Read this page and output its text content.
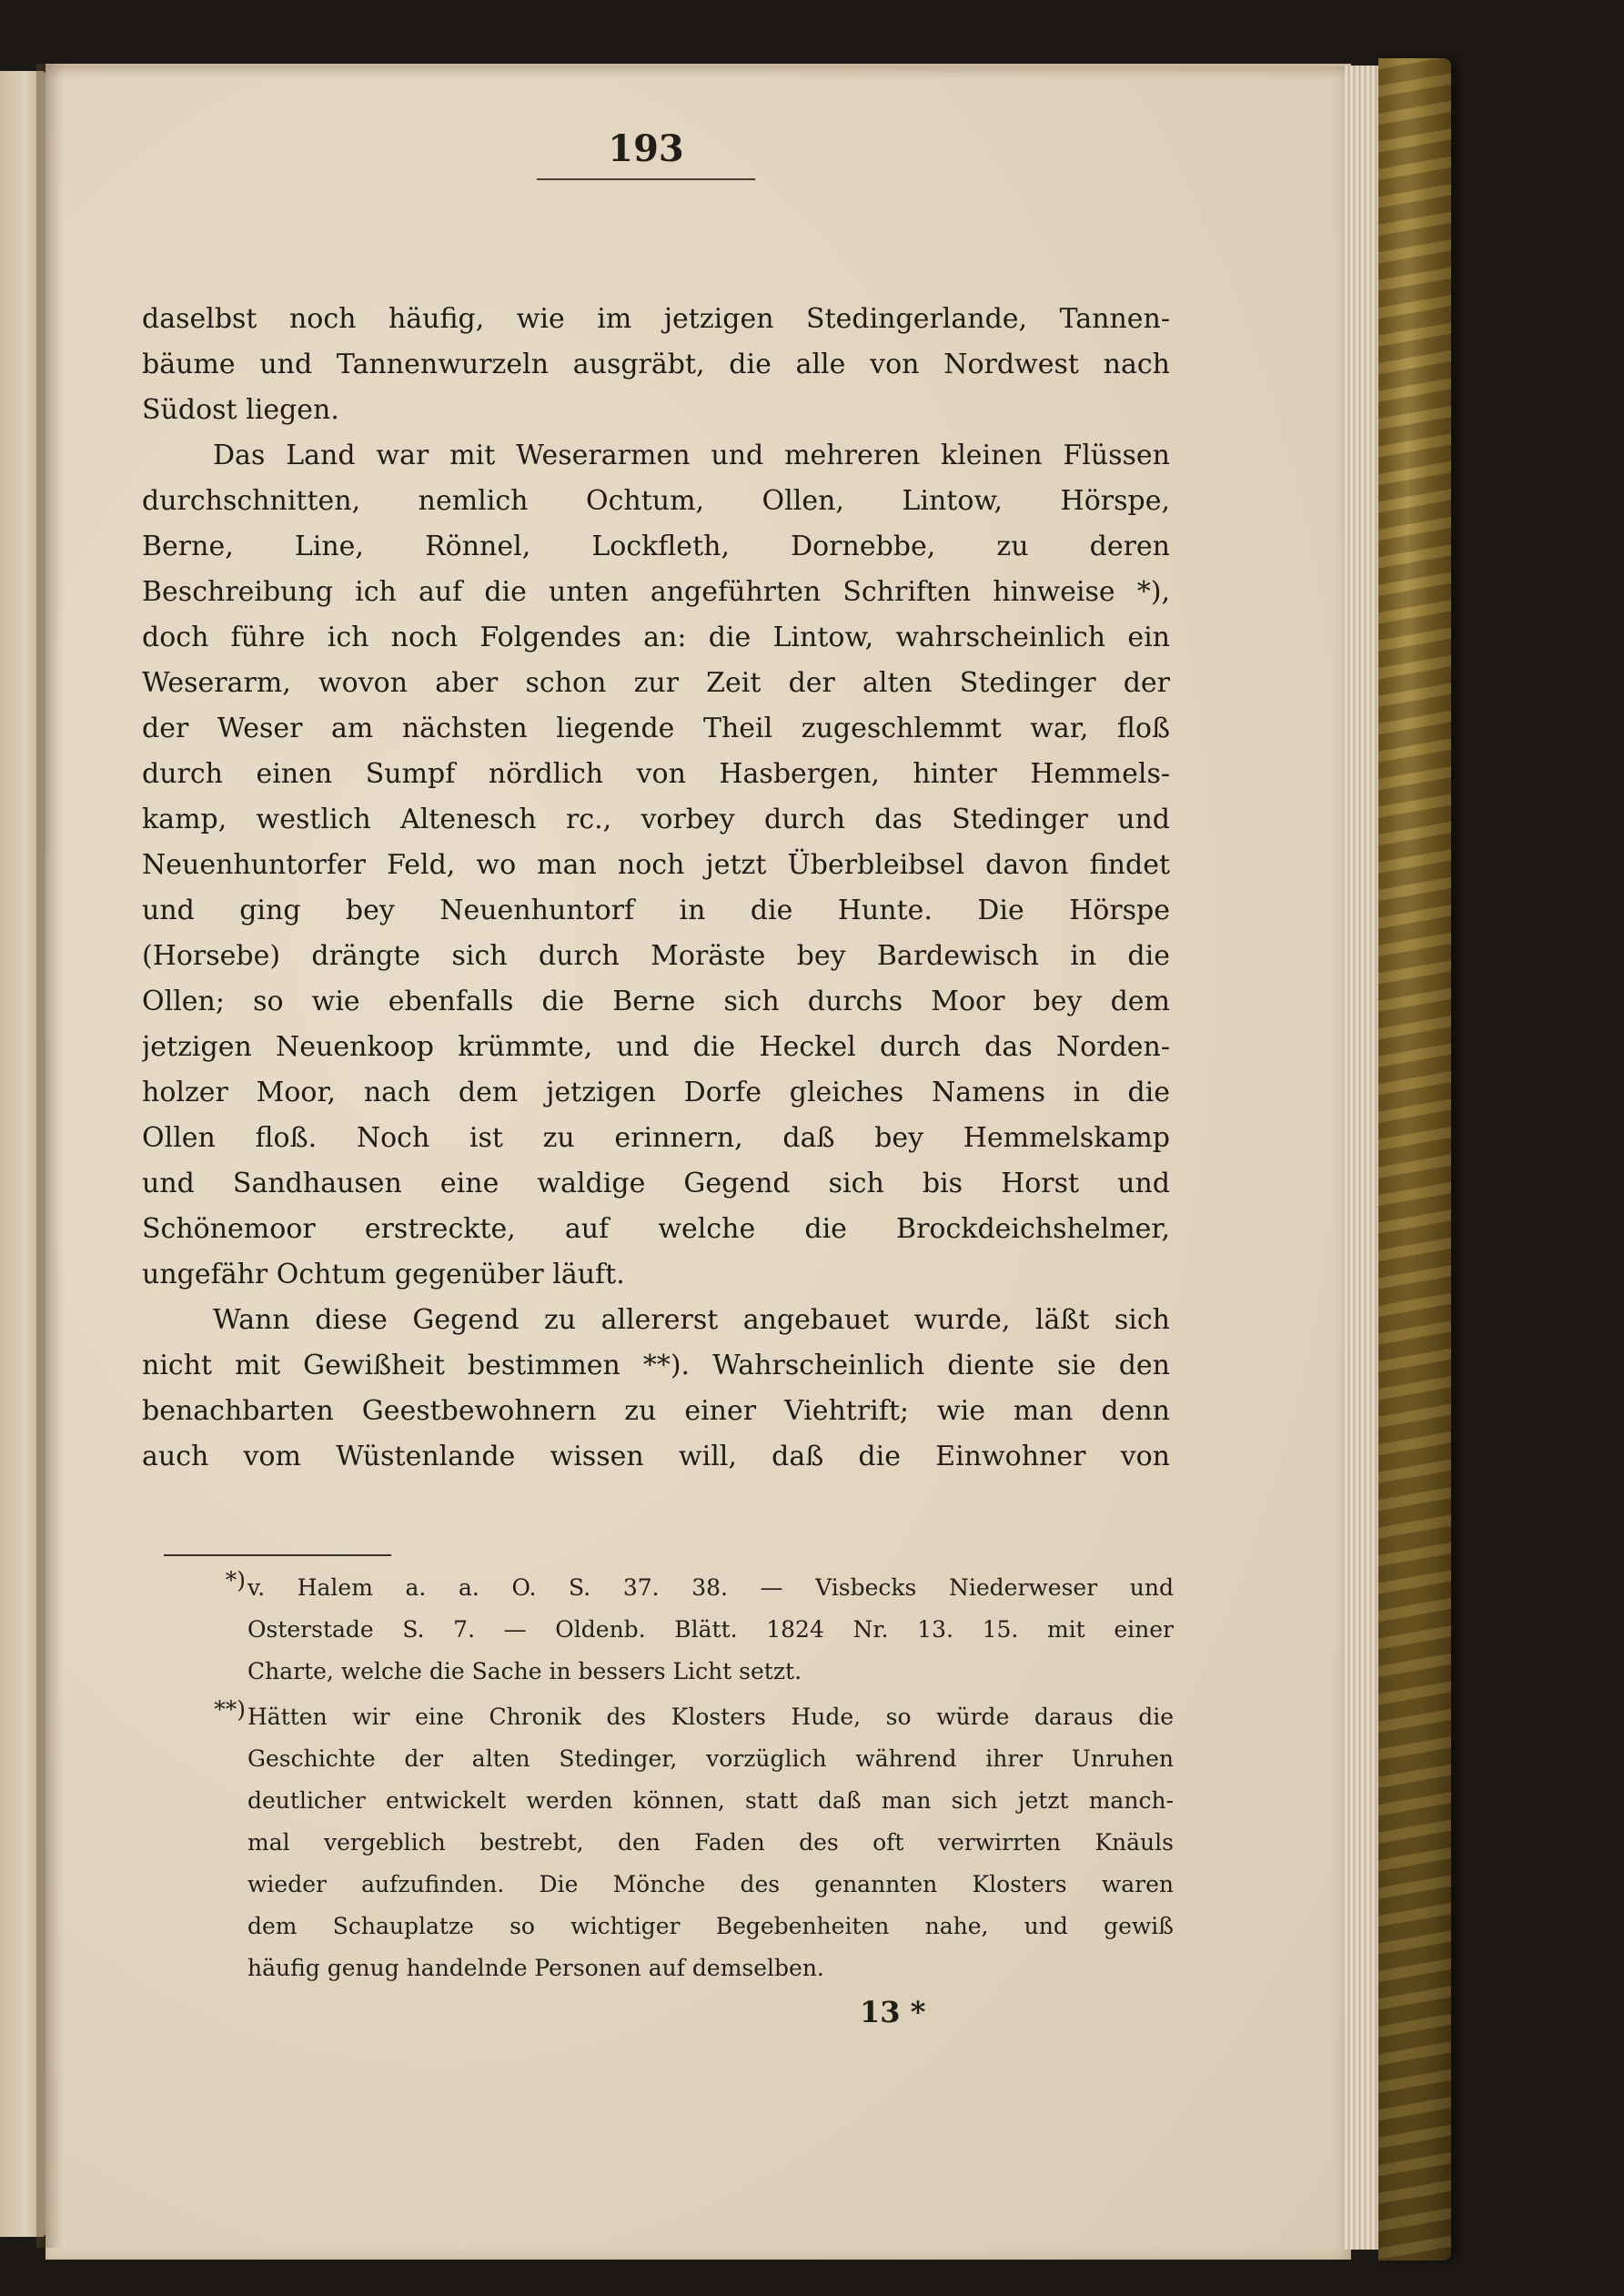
193
daselbst noch häufig, wie im jetzigen Stedingerlande, Tannen-
bäume und Tannenwurzeln ausgräbt, die alle von Nordwest nach
Südost liegen.
Das Land war mit Weserarmen und mehreren kleinen Flüssen
durchschnitten, nemlich Ochtum, Ollen, Lintow, Hörspe,
Berne, Line, Rönnel, Lockfleth, Dornebbe, zu deren
Beschreibung ich auf die unten angeführten Schriften hinweise *),
doch führe ich noch Folgendes an: die Lintow, wahrscheinlich ein
Weserarm, wovon aber schon zur Zeit der alten Stedinger der
der Weser am nächsten liegende Theil zugeschlemmt war, floß
durch einen Sumpf nördlich von Hasbergen, hinter Hemmels-
kamp, westlich Altenesch rc., vorbey durch das Stedinger und
Neuenhuntorfer Feld, wo man noch jetzt Überbleibsel davon findet
und ging bey Neuenhuntorf in die Hunte. Die Hörspe
(Horsebe) drängte sich durch Moräste bey Bardewisch in die
Ollen; so wie ebenfalls die Berne sich durchs Moor bey dem
jetzigen Neuenkoop krümmte, und die Heckel durch das Norden-
holzer Moor, nach dem jetzigen Dorfe gleiches Namens in die
Ollen floß. Noch ist zu erinnern, daß bey Hemmelskamp
und Sandhausen eine waldige Gegend sich bis Horst und
Schönemoor erstreckte, auf welche die Brockdeichshelmer,
ungefähr Ochtum gegenüber läuft.
Wann diese Gegend zu allererst angebauet wurde, läßt sich
nicht mit Gewißheit bestimmen **). Wahrscheinlich diente sie den
benachbarten Geestbewohnern zu einer Viehtrift; wie man denn
auch vom Wüstenlande wissen will, daß die Einwohner von
*) v. Halem a. a. O. S. 37. 38. — Visbecks Niederweser und
Osterstade S. 7. — Oldenb. Blätt. 1824 Nr. 13. 15. mit einer
Charte, welche die Sache in bessers Licht setzt.
**) Hätten wir eine Chronik des Klosters Hude, so würde daraus die
Geschichte der alten Stedinger, vorzüglich während ihrer Unruhen
deutlicher entwickelt werden können, statt daß man sich jetzt manch-
mal vergeblich bestrebt, den Faden des oft verwirrten Knäuls
wieder aufzufinden. Die Mönche des genannten Klosters waren
dem Schauplatze so wichtiger Begebenheiten nahe, und gewiß
häufig genug handelnde Personen auf demselben.
13 *
